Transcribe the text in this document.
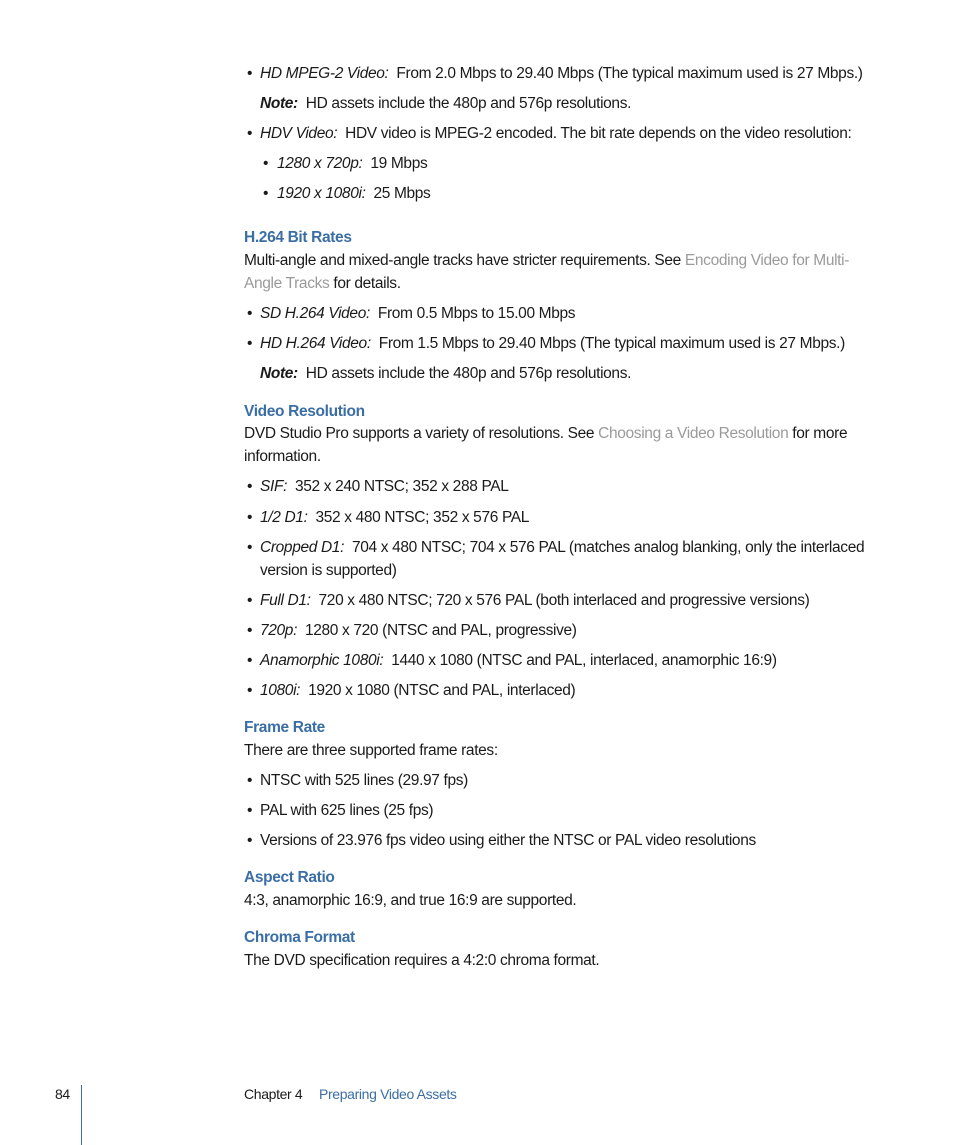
• HD MPEG-2 Video: From 2.0 Mbps to 29.40 Mbps (The typical maximum used is 27 Mbps.)
Note: HD assets include the 480p and 576p resolutions.
• HDV Video: HDV video is MPEG-2 encoded. The bit rate depends on the video resolution:
• 1280 x 720p: 19 Mbps
• 1920 x 1080i: 25 Mbps
H.264 Bit Rates
Multi-angle and mixed-angle tracks have stricter requirements. See Encoding Video for Multi-Angle Tracks for details.
• SD H.264 Video: From 0.5 Mbps to 15.00 Mbps
• HD H.264 Video: From 1.5 Mbps to 29.40 Mbps (The typical maximum used is 27 Mbps.)
Note: HD assets include the 480p and 576p resolutions.
Video Resolution
DVD Studio Pro supports a variety of resolutions. See Choosing a Video Resolution for more information.
• SIF: 352 x 240 NTSC; 352 x 288 PAL
• 1/2 D1: 352 x 480 NTSC; 352 x 576 PAL
• Cropped D1: 704 x 480 NTSC; 704 x 576 PAL (matches analog blanking, only the interlaced version is supported)
• Full D1: 720 x 480 NTSC; 720 x 576 PAL (both interlaced and progressive versions)
• 720p: 1280 x 720 (NTSC and PAL, progressive)
• Anamorphic 1080i: 1440 x 1080 (NTSC and PAL, interlaced, anamorphic 16:9)
• 1080i: 1920 x 1080 (NTSC and PAL, interlaced)
Frame Rate
There are three supported frame rates:
• NTSC with 525 lines (29.97 fps)
• PAL with 625 lines (25 fps)
• Versions of 23.976 fps video using either the NTSC or PAL video resolutions
Aspect Ratio
4:3, anamorphic 16:9, and true 16:9 are supported.
Chroma Format
The DVD specification requires a 4:2:0 chroma format.
84	Chapter 4 Preparing Video Assets
